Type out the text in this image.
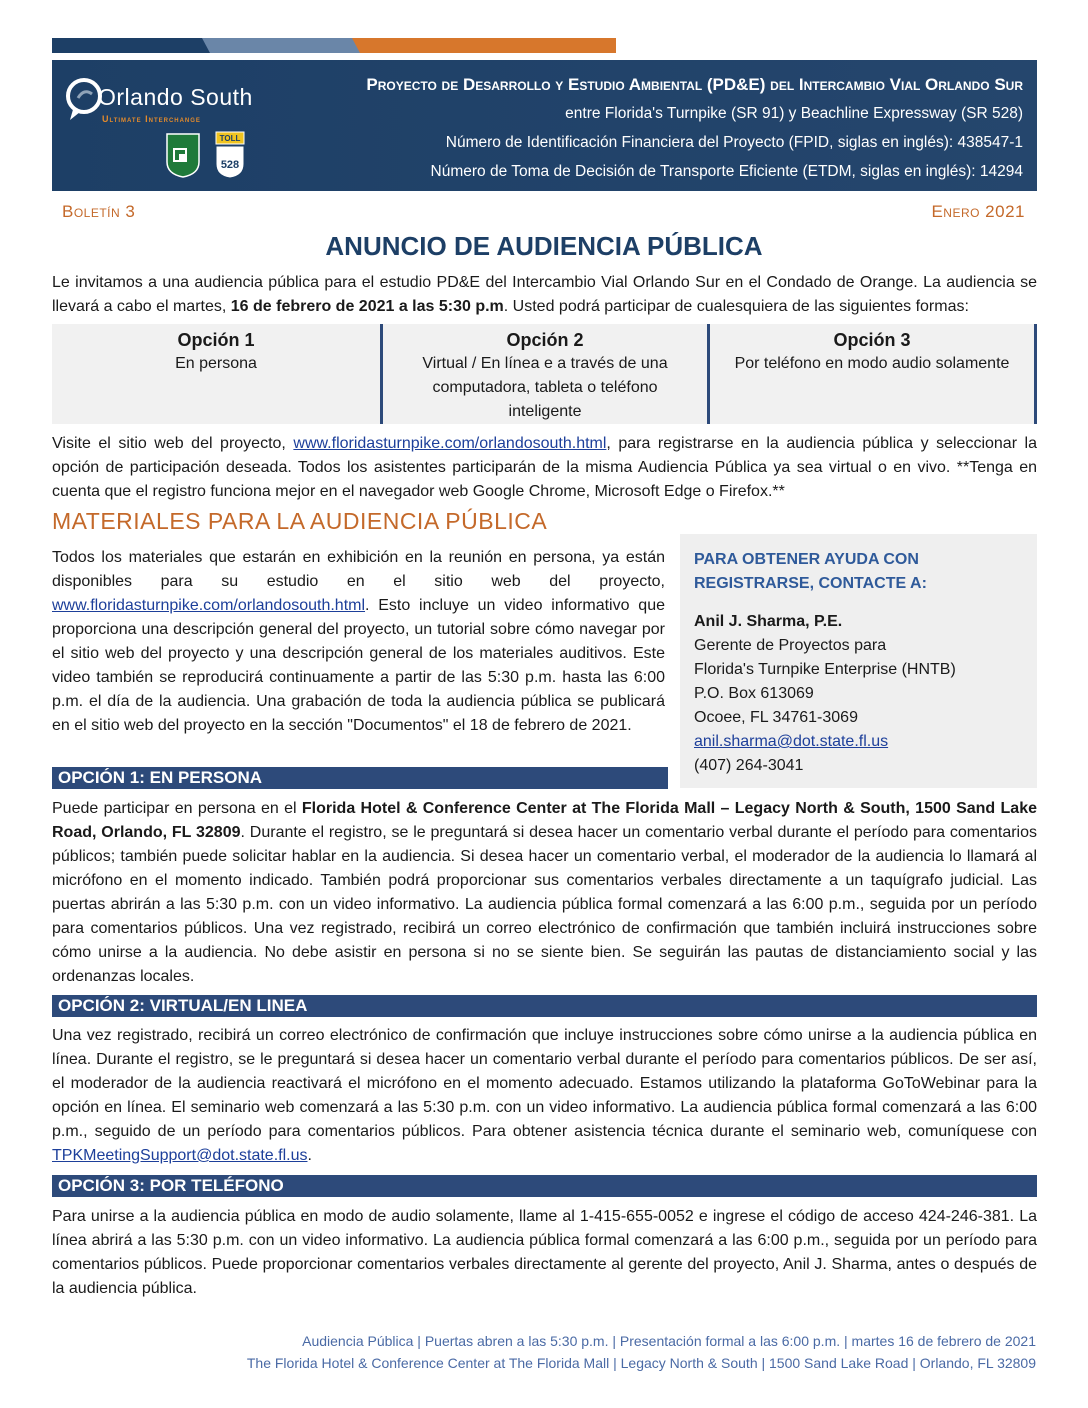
Orlando South
Ultimate Interchange
TOLL
528
Proyecto de Desarrollo y Estudio Ambiental (PD&E) del Intercambio Vial Orlando Sur
entre Florida's Turnpike (SR 91) y Beachline Expressway (SR 528)
Número de Identificación Financiera del Proyecto (FPID, siglas en inglés): 438547-1
Número de Toma de Decisión de Transporte Eficiente (ETDM, siglas en inglés): 14294
Boletín 3	Enero 2021
ANUNCIO DE AUDIENCIA PÚBLICA
Le invitamos a una audiencia pública para el estudio PD&E del Intercambio Vial Orlando Sur en el Condado de Orange. La audiencia se llevará a cabo el martes, 16 de febrero de 2021 a las 5:30 p.m. Usted podrá participar de cualesquiera de las siguientes formas:
Opción 1
En persona
Opción 2
Virtual / En línea e a través de una computadora, tableta o teléfono inteligente
Opción 3
Por teléfono en modo audio solamente
Visite el sitio web del proyecto, www.floridasturnpike.com/orlandosouth.html, para registrarse en la audiencia pública y seleccionar la opción de participación deseada. Todos los asistentes participarán de la misma Audiencia Pública ya sea virtual o en vivo. **Tenga en cuenta que el registro funciona mejor en el navegador web Google Chrome, Microsoft Edge o Firefox.**
MATERIALES PARA LA AUDIENCIA PÚBLICA
Todos los materiales que estarán en exhibición en la reunión en persona, ya están disponibles para su estudio en el sitio web del proyecto, www.floridasturnpike.com/orlandosouth.html. Esto incluye un video informativo que proporciona una descripción general del proyecto, un tutorial sobre cómo navegar por el sitio web del proyecto y una descripción general de los materiales auditivos. Este video también se reproducirá continuamente a partir de las 5:30 p.m. hasta las 6:00 p.m. el día de la audiencia. Una grabación de toda la audiencia pública se publicará en el sitio web del proyecto en la sección "Documentos" el 18 de febrero de 2021.
PARA OBTENER AYUDA CON REGISTRARSE, CONTACTE A:
Anil J. Sharma, P.E.
Gerente de Proyectos para
Florida's Turnpike Enterprise (HNTB)
P.O. Box 613069
Ocoee, FL 34761-3069
anil.sharma@dot.state.fl.us
(407) 264-3041
OPCIÓN 1: EN PERSONA
Puede participar en persona en el Florida Hotel & Conference Center at The Florida Mall – Legacy North & South, 1500 Sand Lake Road, Orlando, FL 32809. Durante el registro, se le preguntará si desea hacer un comentario verbal durante el período para comentarios públicos; también puede solicitar hablar en la audiencia. Si desea hacer un comentario verbal, el moderador de la audiencia lo llamará al micrófono en el momento indicado. También podrá proporcionar sus comentarios verbales directamente a un taquígrafo judicial. Las puertas abrirán a las 5:30 p.m. con un video informativo. La audiencia pública formal comenzará a las 6:00 p.m., seguida por un período para comentarios públicos. Una vez registrado, recibirá un correo electrónico de confirmación que también incluirá instrucciones sobre cómo unirse a la audiencia. No debe asistir en persona si no se siente bien. Se seguirán las pautas de distanciamiento social y las ordenanzas locales.
OPCIÓN 2: VIRTUAL/EN LINEA
Una vez registrado, recibirá un correo electrónico de confirmación que incluye instrucciones sobre cómo unirse a la audiencia pública en línea. Durante el registro, se le preguntará si desea hacer un comentario verbal durante el período para comentarios públicos. De ser así, el moderador de la audiencia reactivará el micrófono en el momento adecuado. Estamos utilizando la plataforma GoToWebinar para la opción en línea. El seminario web comenzará a las 5:30 p.m. con un video informativo. La audiencia pública formal comenzará a las 6:00 p.m., seguido de un período para comentarios públicos. Para obtener asistencia técnica durante el seminario web, comuníquese con TPKMeetingSupport@dot.state.fl.us.
OPCIÓN 3: POR TELÉFONO
Para unirse a la audiencia pública en modo de audio solamente, llame al 1-415-655-0052 e ingrese el código de acceso 424-246-381. La línea abrirá a las 5:30 p.m. con un video informativo. La audiencia pública formal comenzará a las 6:00 p.m., seguida por un período para comentarios públicos. Puede proporcionar comentarios verbales directamente al gerente del proyecto, Anil J. Sharma, antes o después de la audiencia pública.
Audiencia Pública | Puertas abren a las 5:30 p.m. | Presentación formal a las 6:00 p.m. | martes 16 de febrero de 2021
The Florida Hotel & Conference Center at The Florida Mall | Legacy North & South | 1500 Sand Lake Road | Orlando, FL 32809
